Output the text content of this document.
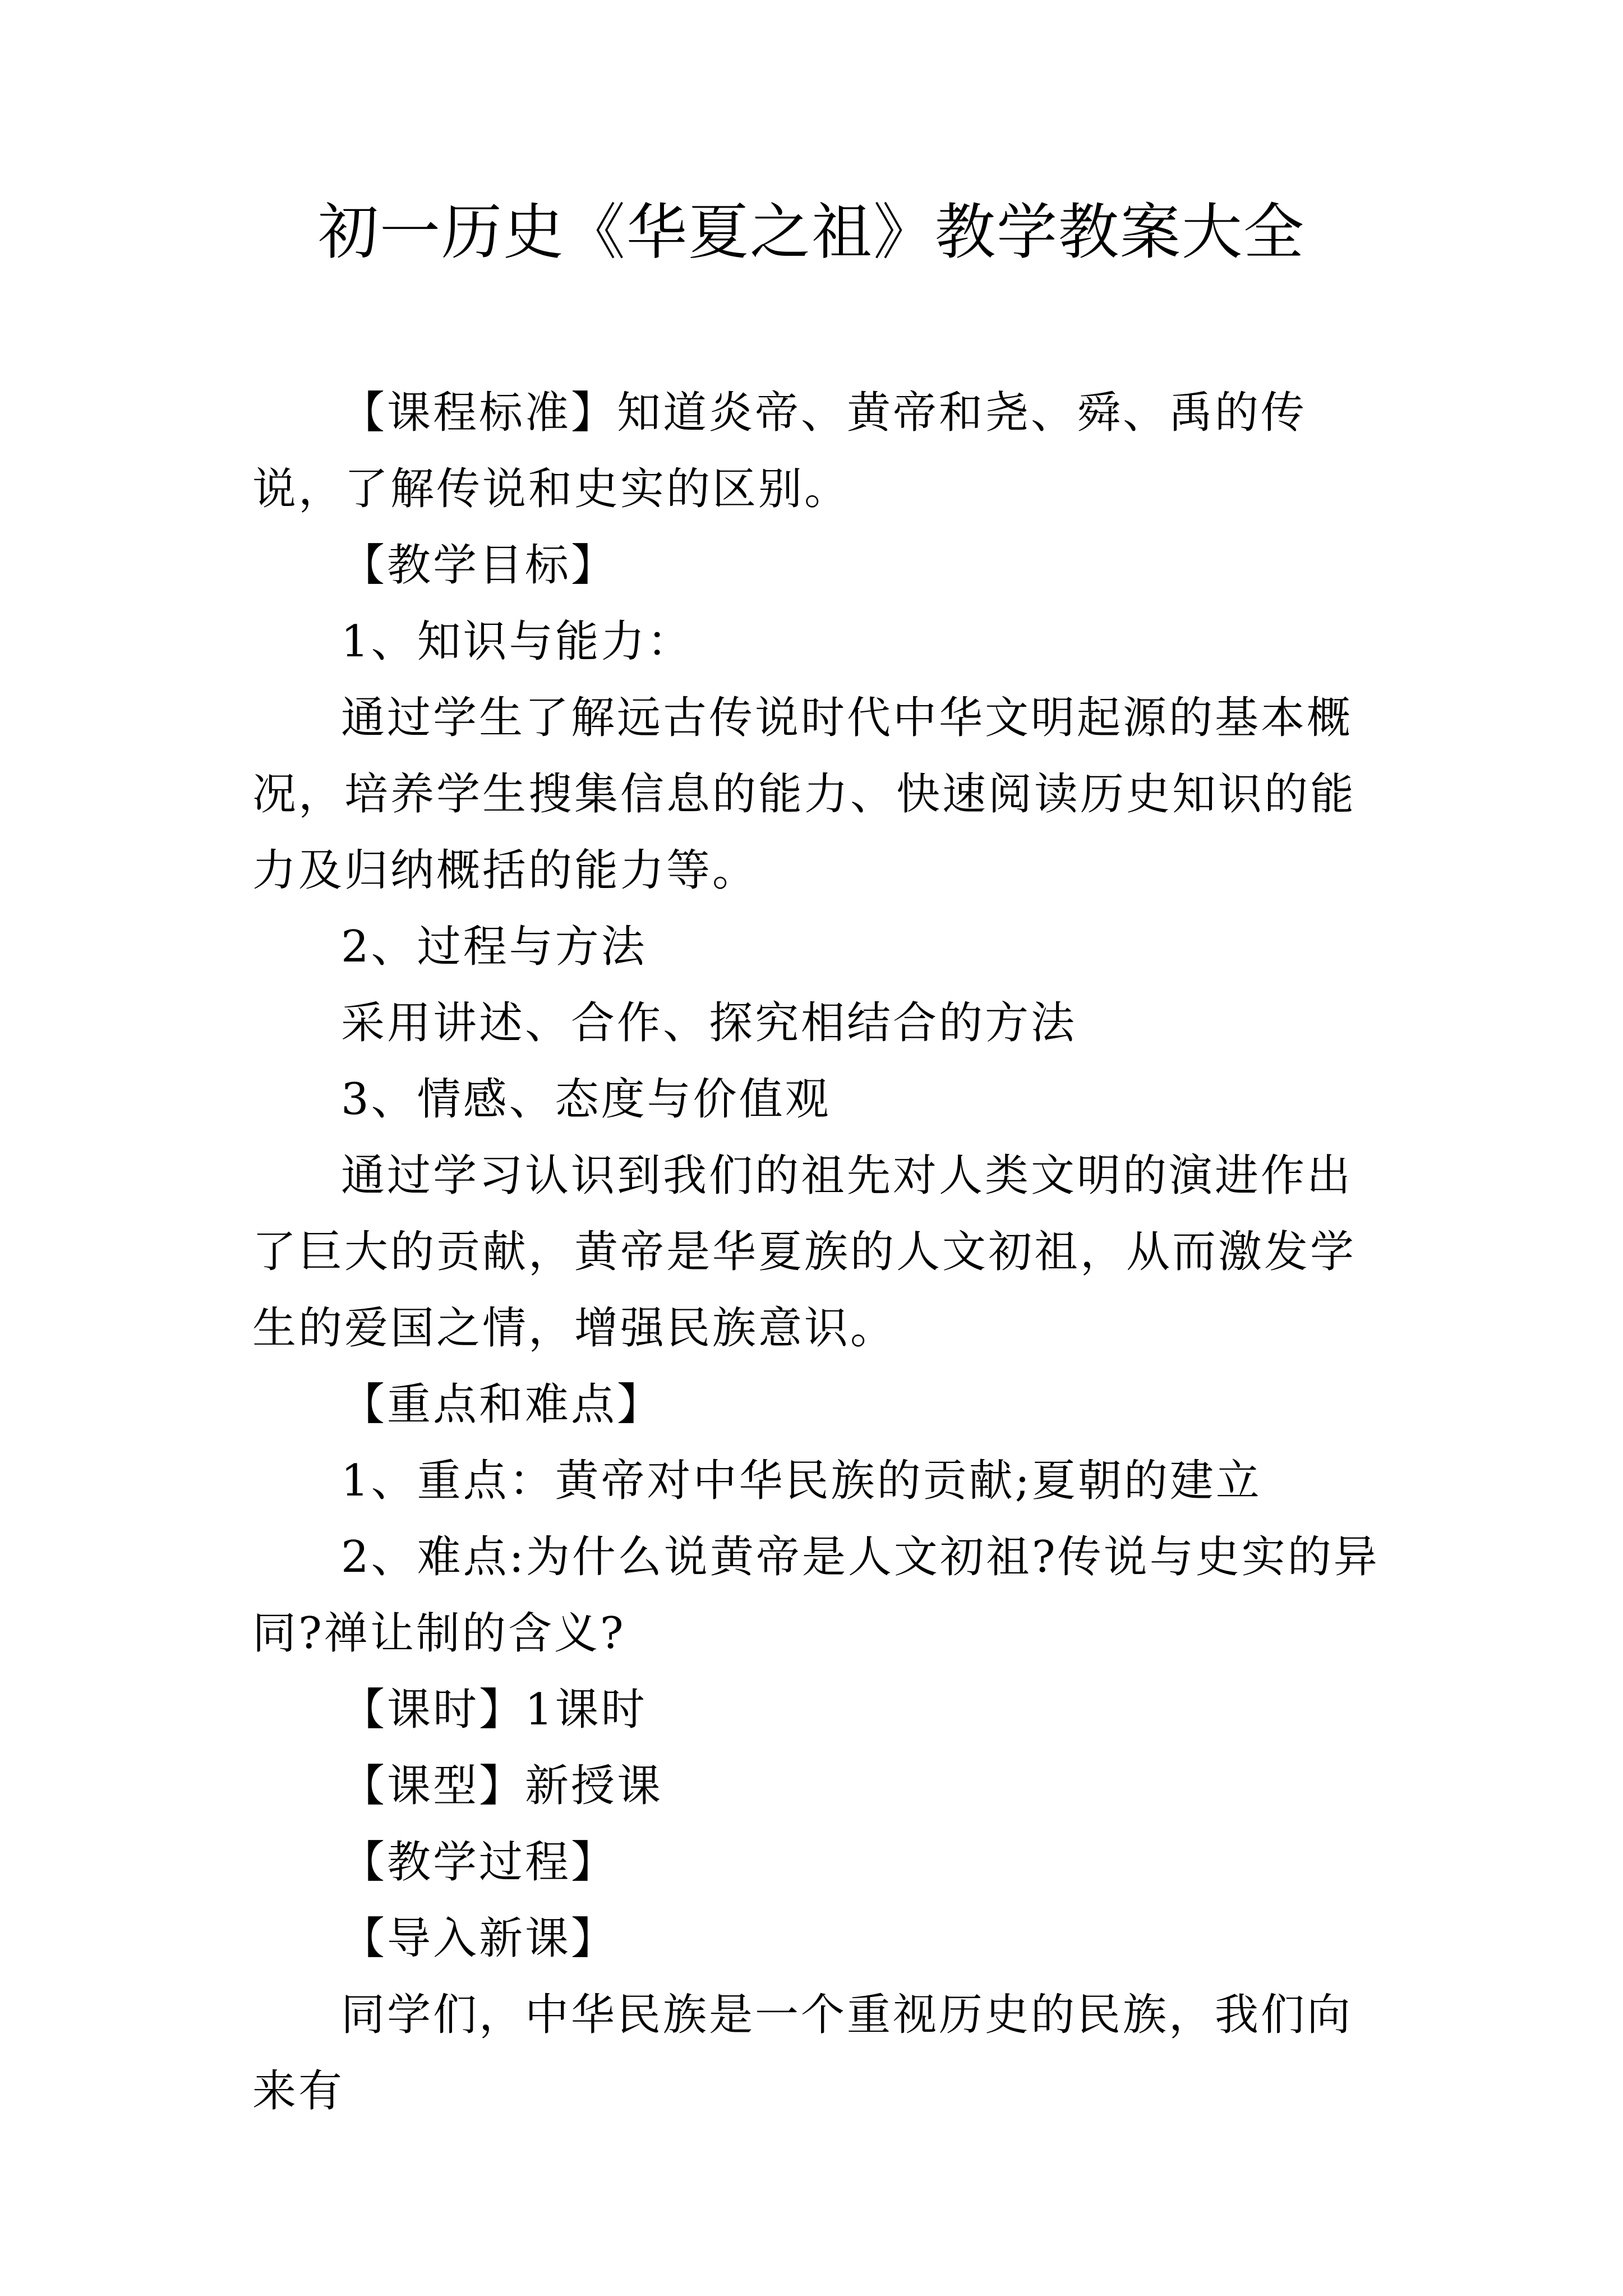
初一历史《华夏之祖》教学教案大全

【课程标准】知道炎帝、黄帝和尧、舜、禹的传说，了解传说和史实的区别。

【教学目标】

1、知识与能力：

通过学生了解远古传说时代中华文明起源的基本概况，培养学生搜集信息的能力、快速阅读历史知识的能力及归纳概括的能力等。

2、过程与方法

采用讲述、合作、探究相结合的方法

3、情感、态度与价值观

通过学习认识到我们的祖先对人类文明的演进作出了巨大的贡献，黄帝是华夏族的人文初祖，从而激发学生的爱国之情，增强民族意识。

【重点和难点】

1、重点：黄帝对中华民族的贡献;夏朝的建立

2、难点:为什么说黄帝是人文初祖?传说与史实的异同?禅让制的含义?

【课时】1课时

【课型】新授课

【教学过程】

【导入新课】

同学们，中华民族是一个重视历史的民族，我们向来有
